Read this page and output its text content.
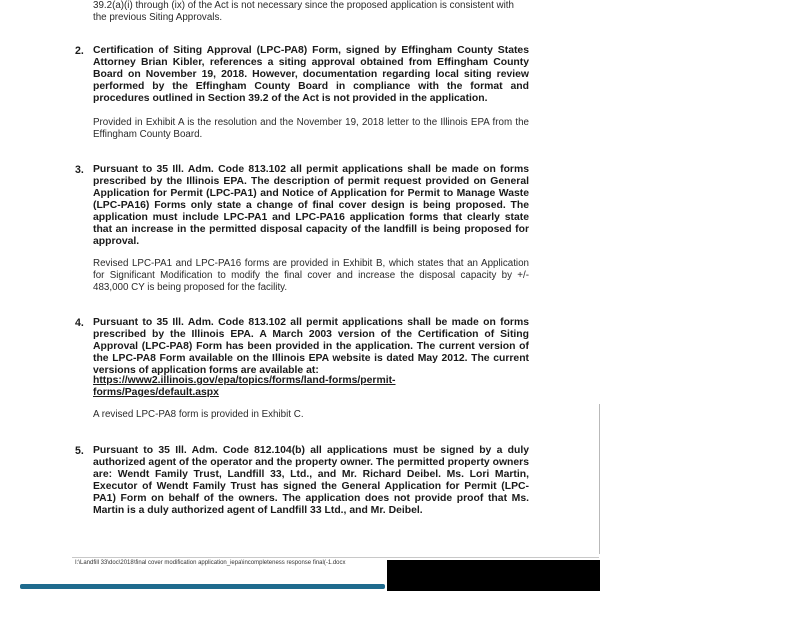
39.2(a)(i) through (ix) of the Act is not necessary since the proposed application is consistent with

the previous Siting Approvals.

2. Certification of Siting Approval (LPC-PA8) Form, signed by Effingham County States Attorney Brian Kibler, references a siting approval obtained from Effingham County Board on November 19, 2018. However, documentation regarding local siting review performed by the Effingham County Board in compliance with the format and procedures outlined in Section 39.2 of the Act is not provided in the application.

Provided in Exhibit A is the resolution and the November 19, 2018 letter to the Illinois EPA from the Effingham County Board.

3. Pursuant to 35 Ill. Adm. Code 813.102 all permit applications shall be made on forms prescribed by the Illinois EPA. The description of permit request provided on General Application for Permit (LPC-PA1) and Notice of Application for Permit to Manage Waste (LPC-PA16) Forms only state a change of final cover design is being proposed. The application must include LPC-PA1 and LPC-PA16 application forms that clearly state that an increase in the permitted disposal capacity of the landfill is being proposed for approval.

Revised LPC-PA1 and LPC-PA16 forms are provided in Exhibit B, which states that an Application for Significant Modification to modify the final cover and increase the disposal capacity by +/- 483,000 CY is being proposed for the facility.

4. Pursuant to 35 Ill. Adm. Code 813.102 all permit applications shall be made on forms prescribed by the Illinois EPA. A March 2003 version of the Certification of Siting Approval (LPC-PA8) Form has been provided in the application. The current version of the LPC-PA8 Form available on the Illinois EPA website is dated May 2012. The current versions of application forms are available at:

https://www2.illinois.gov/epa/topics/forms/land-forms/permit-forms/Pages/default.aspx

A revised LPC-PA8 form is provided in Exhibit C.

5. Pursuant to 35 Ill. Adm. Code 812.104(b) all applications must be signed by a duly authorized agent of the operator and the property owner. The permitted property owners are: Wendt Family Trust, Landfill 33, Ltd., and Mr. Richard Deibel. Ms. Lori Martin, Executor of Wendt Family Trust has signed the General Application for Permit (LPC-PA1) Form on behalf of the owners. The application does not provide proof that Ms. Martin is a duly authorized agent of Landfill 33 Ltd., and Mr. Deibel.

I:\Landfill 33\doc\2018\final cover modification application_iepa\incompleteness response final(-1.docx
